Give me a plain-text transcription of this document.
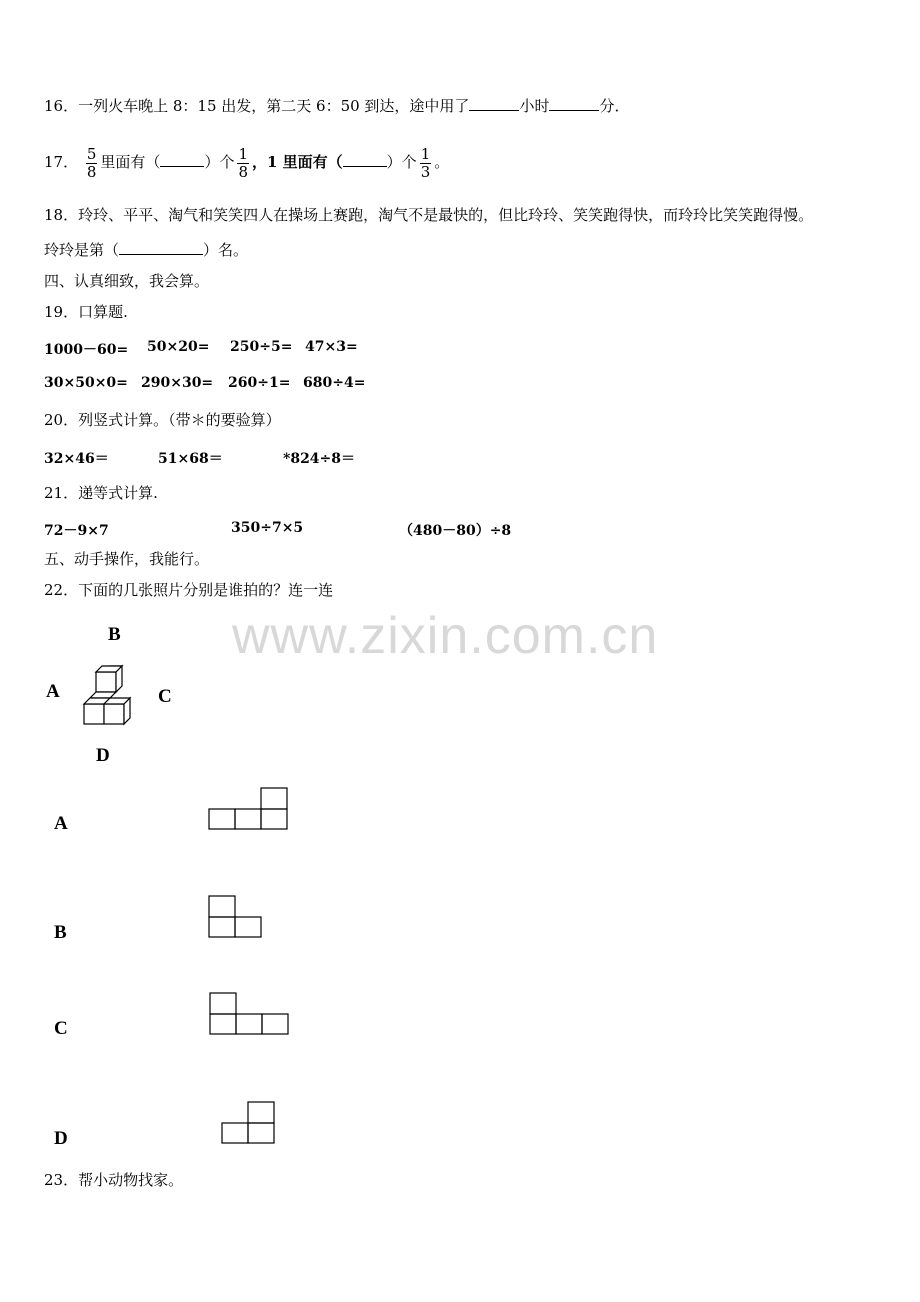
16．一列火车晚上 8：15 出发，第二天 6：50 到达，途中用了	小时	分．
17． $\frac{5}{8}$ 里面有（	）个 $\frac{1}{8}$ ，1 里面有（	）个 $\frac{1}{3}$ 。
18．玲玲、平平、淘气和笑笑四人在操场上赛跑，淘气不是最快的，但比玲玲、笑笑跑得快，而玲玲比笑笑跑得慢。
玲玲是第（	）名。
四、认真细致，我会算。
19．口算题.
1000－60= 50×20= 250÷5= 47×3=
30×50×0= 290×30= 260÷1= 680÷4=
20．列竖式计算。（带＊的要验算）
32×46＝	51×68＝	*824÷8＝
21．递等式计算.
72－9×7	350÷7×5	（480－80）÷8
五、动手操作，我能行。
22．下面的几张照片分别是谁拍的？连一连
www.zixin.com.cn
B
A	C
D
A
B
C
D
23．帮小动物找家。
